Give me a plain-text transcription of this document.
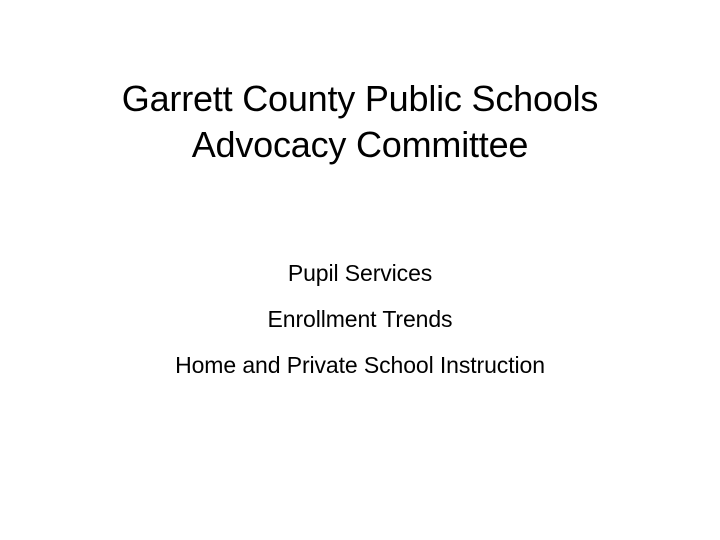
Garrett County Public Schools
Advocacy Committee
Pupil Services
Enrollment Trends
Home and Private School Instruction
